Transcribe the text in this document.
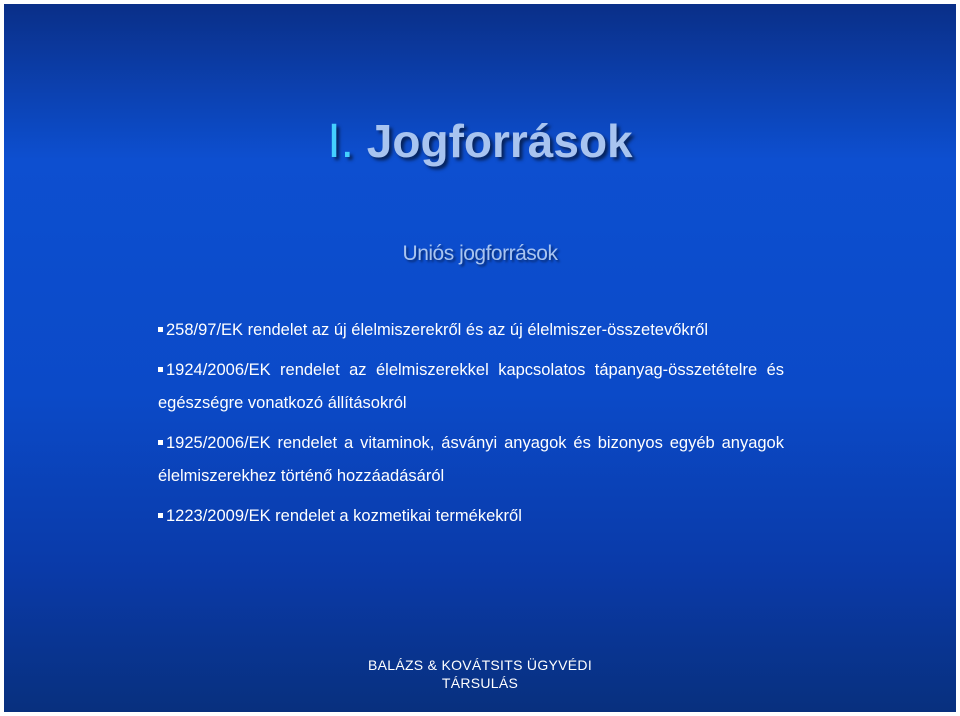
I. Jogforrások
Uniós jogforrások
258/97/EK rendelet az új élelmiszerekről és az új élelmiszer-összetevőkről
1924/2006/EK rendelet az élelmiszerekkel kapcsolatos tápanyag-összetételre és egészségre vonatkozó állításokról
1925/2006/EK rendelet a vitaminok, ásványi anyagok és bizonyos egyéb anyagok élelmiszerekhez történő hozzáadásáról
1223/2009/EK rendelet a kozmetikai termékekről
BALÁZS & KOVÁTSITS ÜGYVÉDI
TÁRSULÁS
